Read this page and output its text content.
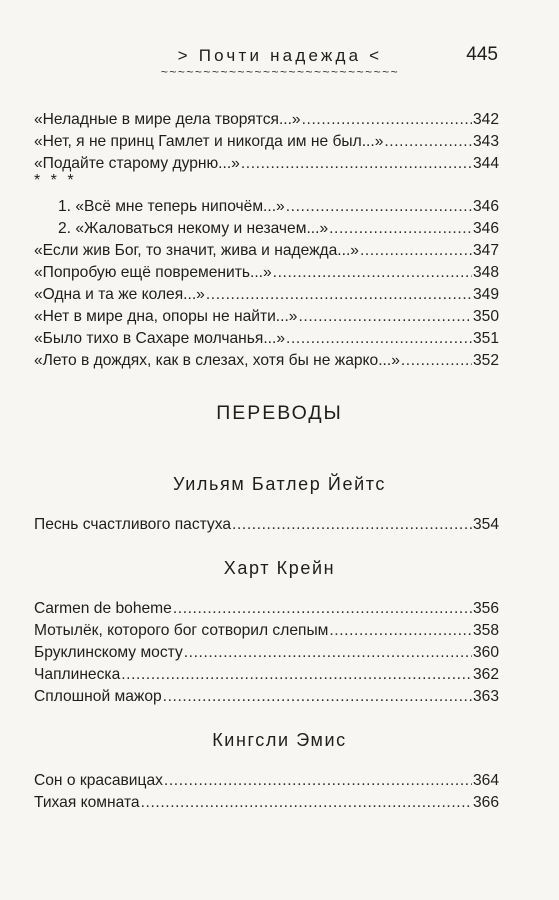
> Почти надежда <
~~~~~~~~~~~~~~~~~~~~~~~~~~~~
445
«Неладные в мире дела творятся...» .....	342
«Нет, я не принц Гамлет и никогда им не был...» .....	343
«Подайте старому дурню...» .....	344
* * *
1. «Всё мне теперь нипочём...» .....	346
2. «Жаловаться некому и незачем...» .....	346
«Если жив Бог, то значит, жива и надежда...» .....	347
«Попробую ещё повременить...» .....	348
«Одна и та же колея...» .....	349
«Нет в мире дна, опоры не найти...» .....	350
«Было тихо в Сахаре молчанья...» .....	351
«Лето в дождях, как в слезах, хотя бы не жарко...» .....	352
ПЕРЕВОДЫ
Уильям Батлер Йейтс
Песнь счастливого пастуха .....	354
Харт Крейн
Carmen de boheme .....	356
Мотылёк, которого бог сотворил слепым .....	358
Бруклинскому мосту .....	360
Чаплинеска .....	362
Сплошной мажор .....	363
Кингсли Эмис
Сон о красавицах .....	364
Тихая комната .....	366
